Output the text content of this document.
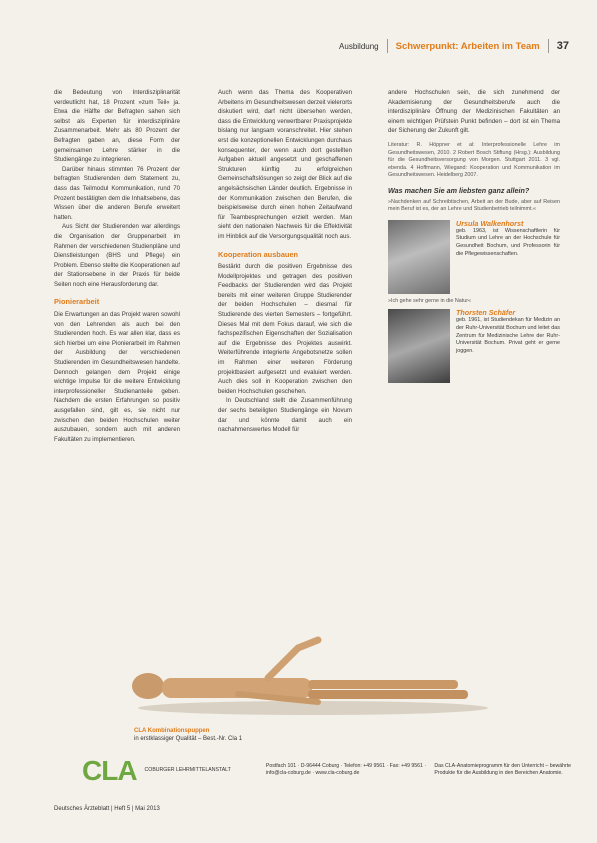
Ausbildung Schwerpunkt: Arbeiten im Team 37

die Bedeutung von Interdisziplinarität verdeutlicht hat, 18 Prozent »zum Teil« ja. Etwa die Hälfte der Befragten sahen sich selbst als Experten für interdisziplinäre Zusammenarbeit. Mehr als 80 Prozent der Befragten gaben an, diese Form der gemeinsamen Lehre stärker in die Studiengänge zu integrieren.

Darüber hinaus stimmten 76 Prozent der befragten Studierenden dem Statement zu, dass das Teilmodul Kommunikation, rund 70 Prozent bestätigten dem die Inhaltsebene, das Wissen über die anderen Berufe erweitert hatten.

Aus Sicht der Studierenden war allerdings die Organisation der Gruppenarbeit im Rahmen der verschiedenen Studienpläne und Dienstleistungen (BHS und Pflege) ein Problem. Ebenso stellte die Kooperationen auf der Stationsebene in der Praxis für beide Seiten noch eine Herausforderung dar.

Pionierarbeit

Die Erwartungen an das Projekt waren sowohl von den Lehrenden als auch bei den Studierenden hoch. Es war allen klar, dass es sich hierbei um eine Pionierarbeit im Rahmen der Ausbildung der verschiedenen Studierenden im Gesundheitswesen handelte. Dennoch gelangen dem Projekt einige wichtige Impulse für die weitere Entwicklung interprofessioneller Studienanteile geben. Nachdem die ersten Erfahrungen so positiv ausgefallen sind, gilt es, sie nicht nur zwischen den beiden Hochschulen weiter auszubauen, sondern auch mit anderen Fakultäten zu implementieren.

Auch wenn das Thema des Kooperativen Arbeitens im Gesundheitswesen derzeit vielerorts diskutiert wird, darf nicht übersehen werden, dass die Entwicklung verwertbarer Praxisprojekte bislang nur langsam voranschreitet. Hier stehen erst die konzeptionellen Entwicklungen durchaus konsequenter, der wenn auch dort gestellten Aufgaben aktuell angesetzt und geschaffenen Strukturen künftig zu erfolgreichen Gemeinschaftslösungen so zeigt der Blick auf die angelsächsischen Länder deutlich. Ergebnisse in der Kommunikation zwischen den Berufen, die beispielsweise durch einen hohen Zeitaufwand für Teambesprechungen erzielt werden. Man sieht den nationalen Nachweis für die Effektivität im Hinblick auf die Versorgungsqualität noch aus.

Kooperation ausbauen

Bestärkt durch die positiven Ergebnisse des Modellprojektes und getragen des positiven Feedbacks der Studierenden wird das Projekt bereits mit einer weiteren Gruppe Studierender der beiden Hochschulen – diesmal für Studierende des vierten Semesters – fortgeführt. Dieses Mal mit dem Fokus darauf, wie sich die fachspezifischen Eigenschaften der Sozialisation auf die Ergebnisse des Projektes auswirkt. Weiterführende integrierte Angebotsnetze sollen im Rahmen einer weiteren Förderung projektbasiert aufgesetzt und evaluiert werden. Auch dies soll in Kooperation zwischen den beiden Hochschulen geschehen.

In Deutschland stellt die Zusammenführung der sechs beteiligten Studiengänge ein Novum dar und könnte damit auch ein nachahmenswertes Modell für

andere Hochschulen sein, die sich zunehmend der Akademisierung der Gesundheitsberufe auch die interdisziplinäre Öffnung der Medizinischen Fakultäten an einem wichtigen Prüfstein Punkt befinden – dort ist ein Thema der Sicherung der Zukunft gilt.

Literatur: R. Höppner et al: Interprofessionelle Lehre im Gesundheitswesen, 2010. 2 Robert Bosch Stiftung (Hrsg.): Ausbildung für die Gesundheitsversorgung von Morgen. Stuttgart 2011. 3 vgl. ebenda. 4 Hoffmann, Wiegand: Kooperation und Kommunikation im Gesundheitswesen. Heidelberg 2007.
Was machen Sie am liebsten ganz allein?
»Nachdenken auf Schreibtischen, Arbeit an der Bude, aber auf Reisen mein Beruf ist es, der an Lehre und Studienbetrieb teilnimmt.«
Ursula Walkenhorst
geb. 1963, ist Wissenschaftlerin für Studium und Lehre an der Hochschule für Gesundheit Bochum, und Professorin für die Pflegewissenschaften.
»Ich gehe sehr gerne in die Natur«
Thorsten Schäfer
geb. 1961, ist Studiendekan für Medizin an der Ruhr-Universität Bochum und leitet das Zentrum für Medizinische Lehre der Ruhr-Universität Bochum. Privat geht er gerne joggen.
CLA Kombinationspuppen
in erstklassiger Qualität – Best.-Nr. Cla 1
CLA COBURGER LEHRMITTELANSTALT
Postfach 101 · D-96444 Coburg · Telefon: +49 9561 · Fax: +49 9561 · info@cla-coburg.de · www.cla-coburg.de
Das CLA-Anatomieprogramm für den Unterricht – bewährte Produkte für die Ausbildung in den Bereichen Anatomie.
Deutsches Ärzteblatt | Heft 5 | Mai 2013
